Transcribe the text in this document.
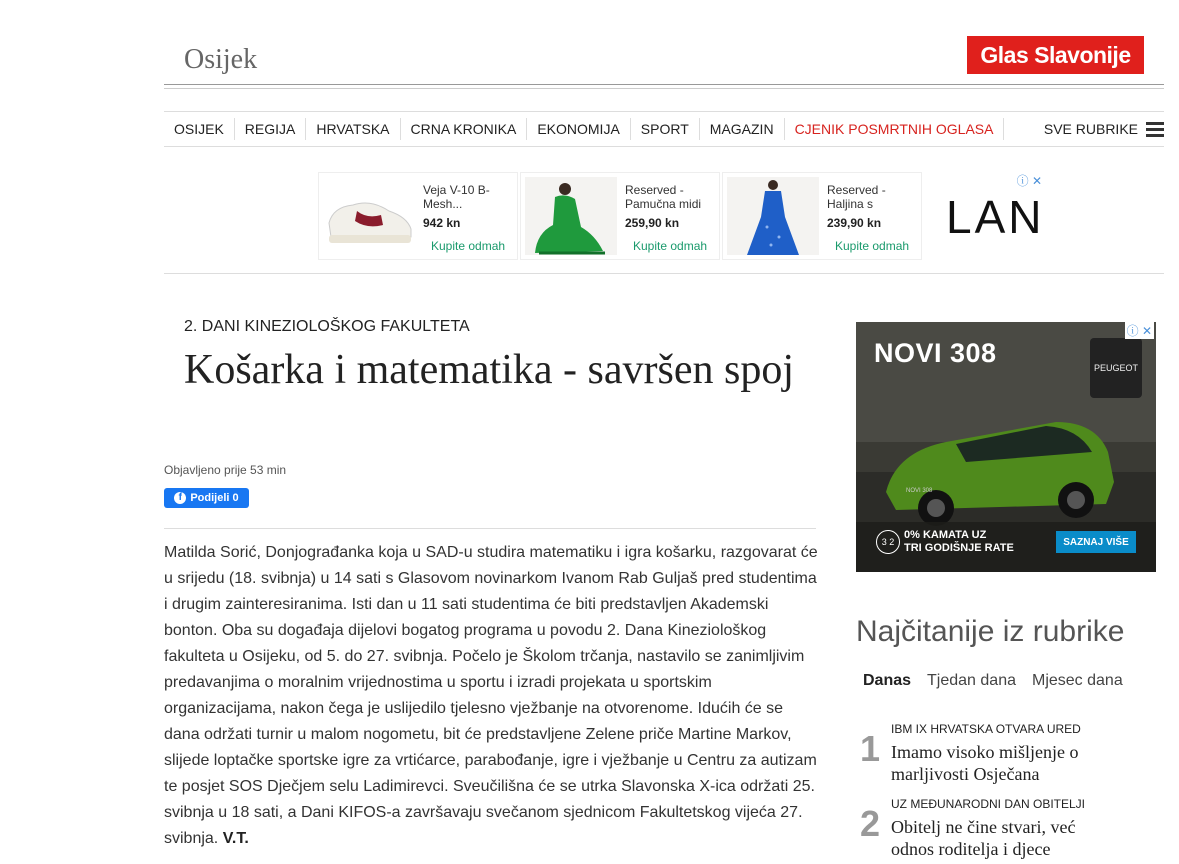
Osijek	Glas Slavonije
OSIJEK	REGIJA	HRVATSKA	CRNA KRONIKA	EKONOMIJA	SPORT	MAGAZIN	CJENIK POSMRTNIH OGLASA	SVE RUBRIKE
Veja V-10 B-Mesh...
942 kn
Kupite odmah
Reserved - Pamučna midi
259,90 kn
Kupite odmah
Reserved - Haljina s
239,90 kn
Kupite odmah
LAN
ⓘ ✕
2. DANI KINEZIOLOŠKOG FAKULTETA
Košarka i matematika - savršen spoj
Objavljeno prije 53 min
f Podijeli
0

Matilda Sorić, Donjograđanka koja u SAD-u studira matematiku i igra košarku, razgovarat će u srijedu (18. svibnja) u 14 sati s Glasovom novinarkom Ivanom Rab Guljaš pred studentima i drugim zainteresiranima. Isti dan u 11 sati studentima će biti predstavljen Akademski bonton. Oba su događaja dijelovi bogatog programa u povodu 2. Dana Kineziološkog fakulteta u Osijeku, od 5. do 27. svibnja. Počelo je Školom trčanja, nastavilo se zanimljivim predavanjima o moralnim vrijednostima u sportu i izradi projekata u sportskim organizacijama, nakon čega je uslijedilo tjelesno vježbanje na otvorenome. Idućih će se dana održati turnir u malom nogometu, bit će predstavljene Zelene priče Martine Markov, slijede loptačke sportske igre za vrtićarce, parabođanje, igre i vježbanje u Centru za autizam te posjet SOS Dječjem selu Ladimirevci. Sveučilišna će se utrka Slavonska X-ica održati 25. svibnja u 18 sati, a Dani KIFOS-a završavaju svečanom sjednicom Fakultetskog vijeća 27. svibnja. V.T.

NOVI 308	PEUGEOT
3 2
0% KAMATA UZ
TRI GODIŠNJE RATE	SAZNAJ VIŠE
ⓘ ✕
NOVI 308
Najčitanije iz rubrike
Danas Tjedan dana Mjesec dana
1 IBM IX HRVATSKA OTVARA URED
Imamo visoko mišljenje o marljivosti Osječana
2 UZ MEĐUNARODNI DAN OBITELJI
Obitelj ne čine stvari, već odnos roditelja i djece
